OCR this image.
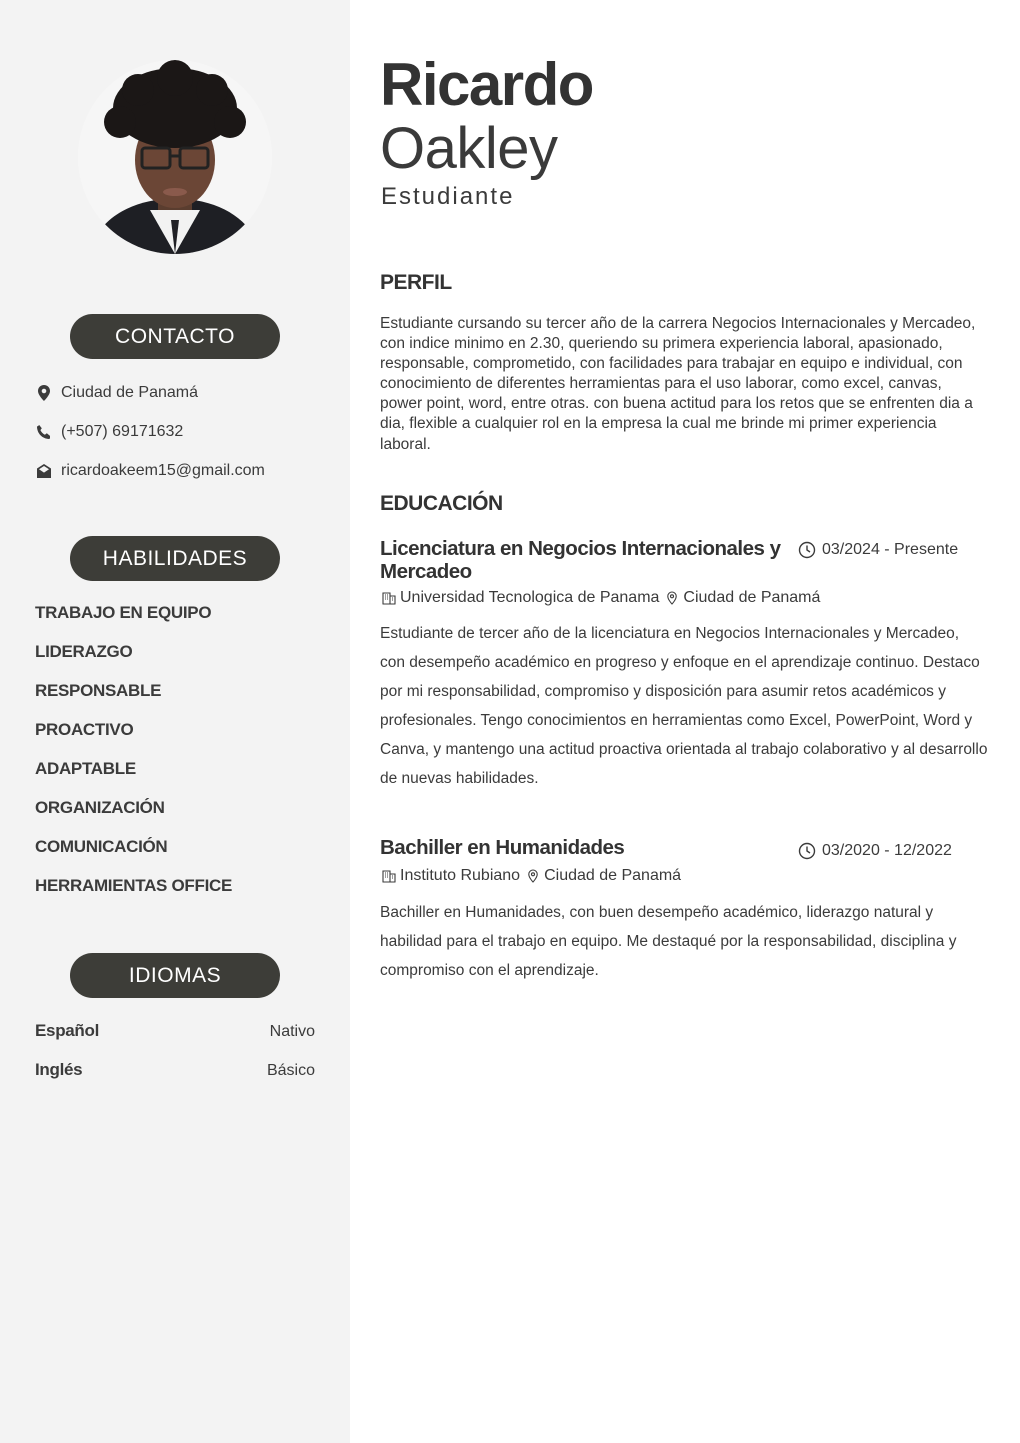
CONTACTO
Ciudad de Panamá
(+507) 69171632
ricardoakeem15@gmail.com
HABILIDADES
TRABAJO EN EQUIPO
LIDERAZGO
RESPONSABLE
PROACTIVO
ADAPTABLE
ORGANIZACIÓN
COMUNICACIÓN
HERRAMIENTAS OFFICE
IDIOMAS
Español	Nativo
Inglés	Básico
Ricardo
Oakley
Estudiante
PERFIL
Estudiante cursando su tercer año de la carrera Negocios Internacionales y Mercadeo, con indice minimo en 2.30, queriendo su primera experiencia laboral, apasionado, responsable, comprometido, con facilidades para trabajar en equipo e individual, con conocimiento de diferentes herramientas para el uso laborar, como excel, canvas, power point, word, entre otras. con buena actitud para los retos que se enfrenten dia a dia, flexible a cualquier rol en la empresa la cual me brinde mi primer experiencia laboral.
EDUCACIÓN
Licenciatura en Negocios Internacionales y Mercadeo
03/2024 - Presente
Universidad Tecnologica de Panama Ciudad de Panamá
Estudiante de tercer año de la licenciatura en Negocios Internacionales y Mercadeo, con desempeño académico en progreso y enfoque en el aprendizaje continuo. Destaco por mi responsabilidad, compromiso y disposición para asumir retos académicos y profesionales. Tengo conocimientos en herramientas como Excel, PowerPoint, Word y Canva, y mantengo una actitud proactiva orientada al trabajo colaborativo y al desarrollo de nuevas habilidades.
Bachiller en Humanidades	03/2020 - 12/2022
Instituto Rubiano Ciudad de Panamá
Bachiller en Humanidades, con buen desempeño académico, liderazgo natural y habilidad para el trabajo en equipo. Me destaqué por la responsabilidad, disciplina y compromiso con el aprendizaje.
